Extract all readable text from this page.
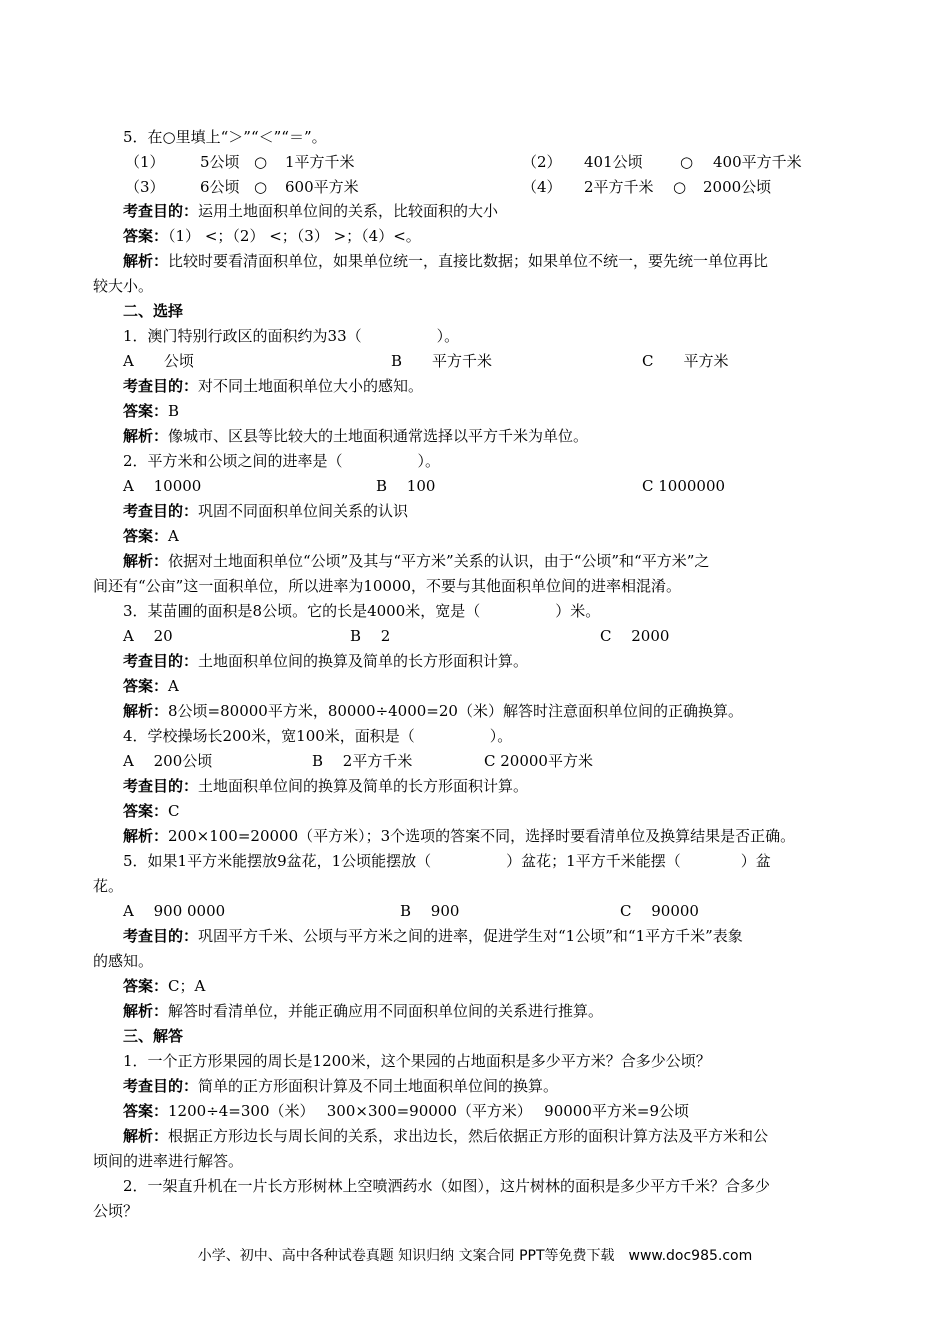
5．在○里填上“＞”“＜”“＝”。
（1） 5公顷 ○ 1平方千米	（2） 401公顷 ○ 400平方千米
（3） 6公顷 ○ 600平方米	（4） 2平方千米 ○ 2000公顷
考查目的：运用土地面积单位间的关系，比较面积的大小
答案：（1） <；（2） <；（3） >；（4）<。
解析：比较时要看清面积单位，如果单位统一，直接比数据；如果单位不统一，要先统一单位再比
较大小。
二、选择
1．澳门特别行政区的面积约为33（　　　　　）。
A　　公顷	B　　平方千米	C　　平方米
考查目的：对不同土地面积单位大小的感知。
答案：B
解析：像城市、区县等比较大的土地面积通常选择以平方千米为单位。
2．平方米和公顷之间的进率是（　　　　　）。
A　 10000	B　 100	C 1000000
考查目的：巩固不同面积单位间关系的认识
答案：A
解析：依据对土地面积单位“公顷”及其与“平方米”关系的认识，由于“公顷”和“平方米”之
间还有“公亩”这一面积单位，所以进率为10000，不要与其他面积单位间的进率相混淆。
3．某苗圃的面积是8公顷。它的长是4000米，宽是（　　　　　）米。
A　 20	B　 2	C　 2000
考查目的：土地面积单位间的换算及简单的长方形面积计算。
答案：A
解析：8公顷=80000平方米，80000÷4000=20（米）解答时注意面积单位间的正确换算。
4．学校操场长200米，宽100米，面积是（　　　　　）。
A　 200公顷	B　 2平方千米	C 20000平方米
考查目的：土地面积单位间的换算及简单的长方形面积计算。
答案：C
解析：200×100=20000（平方米）；3个选项的答案不同，选择时要看清单位及换算结果是否正确。
5．如果1平方米能摆放9盆花，1公顷能摆放（　　　　　）盆花；1平方千米能摆（　　　　）盆
花。
A　 900 0000	B　 900	C　 90000
考查目的：巩固平方千米、公顷与平方米之间的进率，促进学生对“1公顷”和“1平方千米”表象
的感知。
答案：C；A
解析：解答时看清单位，并能正确应用不同面积单位间的关系进行推算。
三、解答
1．一个正方形果园的周长是1200米，这个果园的占地面积是多少平方米？合多少公顷？
考查目的：简单的正方形面积计算及不同土地面积单位间的换算。
答案：1200÷4=300（米）　 300×300=90000（平方米）　 90000平方米=9公顷
解析：根据正方形边长与周长间的关系，求出边长，然后依据正方形的面积计算方法及平方米和公
顷间的进率进行解答。
2．一架直升机在一片长方形树林上空喷洒药水（如图），这片树林的面积是多少平方千米？合多少
公顷？
小学、初中、高中各种试卷真题 知识归纳 文案合同 PPT等免费下载　www.doc985.com
